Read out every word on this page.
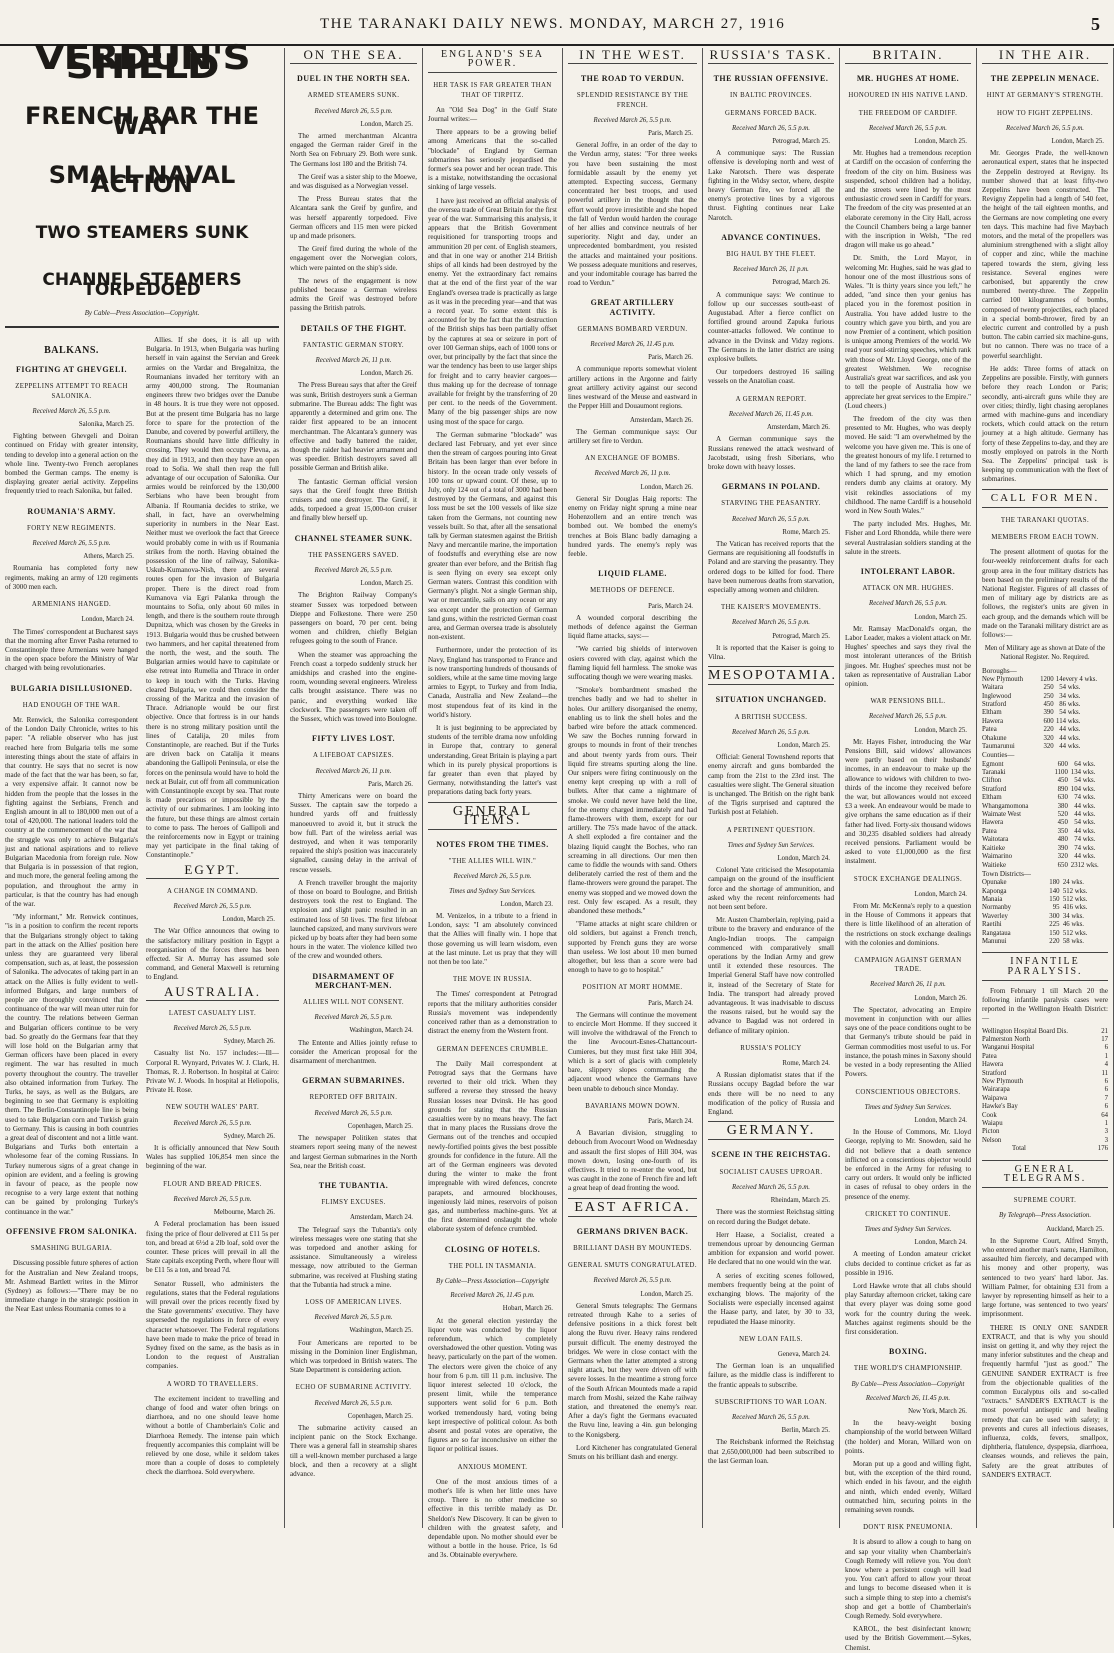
THE TARANAKI DAILY NEWS. MONDAY, MARCH 27, 1916	5
VERDUN'S SHIELD
FRENCH BAR THE WAY
SMALL NAVAL ACTION
TWO STEAMERS SUNK
CHANNEL STEAMERS TORPEDOED
By Cable—Press Association—Copyright.
BALKANS.
FIGHTING AT GHEVGELI.
ZEPPELINS ATTEMPT TO REACH SALONIKA.
Received March 26, 5.5 p.m.
Salonika, March 25.

Fighting between Ghevgeli and Doiran continued on Friday with greater intensity, tending to develop into a general action on the whole line. Twenty-two French aeroplanes bombed the German camps. The enemy is displaying greater aerial activity. Zeppelins frequently tried to reach Salonika, but failed.

ROUMANIA'S ARMY.
FORTY NEW REGIMENTS.
Received March 26, 5.5 p.m.
Athens, March 25.

Roumania has completed forty new regiments, making an army of 120 regiments of 3000 men each.

ARMENIANS HANGED.
London, March 24.

The Times' correspondent at Bucharest says that the morning after Enver Pasha returned to Constantinople three Armenians were hanged in the open space before the Ministry of War charged with being revolutionaries.

BULGARIA DISILLUSIONED.
HAD ENOUGH OF THE WAR.

Mr. Renwick, the Salonika correspondent of the London Daily Chronicle, writes to his paper: "A reliable observer who has just reached here from Bulgaria tells me some interesting things about the state of affairs in that country. He says that no secret is now made of the fact that the war has been, so far, a very expensive affair. It cannot now be hidden from the people that the losses in the fighting against the Serbians, French and English amount in all to 180,000 men out of a total of 420,000. The national leaders told the country at the commencement of the war that the struggle was only to achieve Bulgaria's just and national aspirations and to relieve Bulgarian Macedonia from foreign rule. Now that Bulgaria is in possession of that region, and much more, the general feeling among the population, and throughout the army in particular, is that the country has had enough of the war.

"My informant," Mr. Renwick continues, "is in a position to confirm the recent reports that the Bulgarians strongly object to taking part in the attack on the Allies' position here unless they are guaranteed very liberal compensation, such as, at least, the possession of Salonika. The advocates of taking part in an attack on the Allies is fully evident to well-informed Bulgars, and large numbers of people are thoroughly convinced that the continuance of the war will mean utter ruin for the country. The relations between German and Bulgarian officers continue to be very bad. So greatly do the Germans fear that they will lose hold on the Bulgarian army that German officers have been placed in every regiment. The war has resulted in much poverty throughout the country. The traveller also obtained information from Turkey. The Turks, he says, as well as the Bulgars, are beginning to see that Germany is exploiting them. The Berlin-Constantinople line is being used to take Bulgarian corn and Turkish grain to Germany. This is causing in both countries a great deal of discontent and not a little want. Bulgarians and Turks both entertain a wholesome fear of the coming Russians. In Turkey numerous signs of a great change in opinion are evident, and a feeling is growing in favour of peace, as the people now recognise to a very large extent that nothing can be gained by prolonging Turkey's continuance in the war."

OFFENSIVE FROM SALONIKA.
SMASHING BULGARIA.

Discussing possible future spheres of action for the Australian and New Zealand troops, Mr. Ashmead Bartlett writes in the Mirror (Sydney) as follows:—"There may be no immediate change in the strategic position in the Near East unless Roumania comes to a

Allies. If she does, it is all up with Bulgaria. In 1913, when Bulgaria was hurling herself in vain against the Servian and Greek armies on the Vardar and Bregalnitza, the Roumanians invaded her territory with an army 400,000 strong. The Roumanian engineers threw two bridges over the Danube in 48 hours. It is true they were not opposed. But at the present time Bulgaria has no large force to spare for the protection of the Danube, and covered by powerful artillery, the Roumanians should have little difficulty in crossing. They would then occupy Plevna, as they did in 1913, and then they have an open road to Sofia. We shall then reap the full advantage of our occupation of Salonika. Our armies would be reinforced by the 130,000 Serbians who have been brought from Albania. If Roumania decides to strike, we shall, in fact, have an overwhelming superiority in numbers in the Near East. Neither must we overlook the fact that Greece would probably come in with us if Roumania strikes from the north. Having obtained the possession of the line of railway, Salonika-Uskub-Kumanova-Nish, there are several routes open for the invasion of Bulgaria proper. There is the direct road from Kumanova via Egri Palanka through the mountains to Sofia, only about 60 miles in length, and there is the southern route through Dupnitza, which was chosen by the Greeks in 1913. Bulgaria would thus be crushed between two hammers, and her capital threatened from the north, the west, and the south. The Bulgarian armies would have to capitulate or else retreat into Rumelia and Thrace in order to keep in touch with the Turks. Having cleared Bulgaria, we could then consider the crossing of the Maritza and the invasion of Thrace. Adrianople would be our first objective. Once that fortress is in our hands there is no strong military position until the lines of Catalija, 20 miles from Constantinople, are reached. But if the Turks are driven back on Catalija it means abandoning the Gallipoli Peninsula, or else the forces on the peninsula would have to hold the neck at Bulair, cut off from all communication with Constantinople except by sea. That route is made precarious or impossible by the activity of our submarines. I am looking into the future, but these things are almost certain to come to pass. The heroes of Gallipoli and the reinforcements now in Egypt or training may yet participate in the final taking of Constantinople."

EGYPT.
A CHANGE IN COMMAND.
Received March 26, 5.5 p.m.
London, March 25.

The War Office announces that owing to the satisfactory military position in Egypt a reorganisation of the forces there has been effected. Sir A. Murray has assumed sole command, and General Maxwell is returning to England.

AUSTRALIA.
LATEST CASUALTY LIST.
Received March 26, 5.5 p.m.
Sydney, March 26.

Casualty list No. 157 includes:—Ill—Corporal R. Wynyard, Privates W. J. Clark, H. Thomas, R. J. Robertson. In hospital at Cairo: Private W. J. Woods. In hospital at Heliopolis, Private H. Rose.

NEW SOUTH WALES' PART.
Received March 26, 5.5 p.m.
Sydney, March 26.

It is officially announced that New South Wales has supplied 106,854 men since the beginning of the war.

FLOUR AND BREAD PRICES.
Received March 26, 5.5 p.m.
Melbourne, March 26.

A Federal proclamation has been issued fixing the price of flour delivered at £11 5s per ton, and bread at 6½d a 2lb loaf, sold over the counter. These prices will prevail in all the State capitals excepting Perth, where flour will be £11 5s a ton, and bread 7d.

Senator Russell, who administers the regulations, states that the Federal regulations will prevail over the prices recently fixed by the State governments' executive. They have superseded the regulations in force of every character whatsoever. The Federal regulations have been made to make the price of bread in Sydney fixed on the same, as the basis as in London to the request of Australian companies.

A WORD TO TRAVELLERS.

The excitement incident to travelling and change of food and water often brings on diarrhoea, and no one should leave home without a bottle of Chamberlain's Colic and Diarrhoea Remedy. The intense pain which frequently accompanies this complaint will be relieved by one dose, while it seldom takes more than a couple of doses to completely check the diarrhoea. Sold everywhere.

ON THE SEA.
DUEL IN THE NORTH SEA.
ARMED STEAMERS SUNK.
Received March 26, 5.5 p.m.
London, March 25.

The armed merchantman Alcantra engaged the German raider Greif in the North Sea on February 29. Both were sunk. The Germans lost 180 and the British 74.

The Greif was a sister ship to the Moewe, and was disguised as a Norwegian vessel.

The Press Bureau states that the Alcantara sank the Greif by gunfire, and was herself apparently torpedoed. Five German officers and 115 men were picked up and made prisoners.

The Greif fired during the whole of the engagement over the Norwegian colors, which were painted on the ship's side.

The news of the engagement is now published because a German wireless admits the Greif was destroyed before passing the British patrols.

DETAILS OF THE FIGHT.
FANTASTIC GERMAN STORY.
Received March 26, 11 p.m.
London, March 26.

The Press Bureau says that after the Greif was sunk, British destroyers sunk a German submarine. The Bureau adds: The fight was apparently a determined and grim one. The raider first appeared to be an innocent merchantman. The Alcantara's gunnery was effective and badly battered the raider, though the raider had heavier armament and was speedier. British destroyers saved all possible German and British alike.

The fantastic German official version says that the Greif fought three British cruisers and one destroyer. The Greif, it adds, torpedoed a great 15,000-ton cruiser and finally blew herself up.

CHANNEL STEAMER SUNK.
THE PASSENGERS SAVED.
Received March 26, 5.5 p.m.
London, March 25.

The Brighton Railway Company's steamer Sussex was torpedoed between Dieppe and Folkestone. There were 250 passengers on board, 70 per cent. being women and children, chiefly Belgian refugees going to the south of France.

When the steamer was approaching the French coast a torpedo suddenly struck her amidships and crashed into the engine-room, wounding several engineers. Wireless calls brought assistance. There was no panic, and everything worked like clockwork. The passengers were taken off the Sussex, which was towed into Boulogne.

FIFTY LIVES LOST.
A LIFEBOAT CAPSIZES.
Received March 26, 11 p.m.
Paris, March 26.

Thirty Americans were on board the Sussex. The captain saw the torpedo a hundred yards off and fruitlessly manoeuvred to avoid it, but it struck the bow full. Part of the wireless aerial was destroyed, and when it was temporarily repaired the ship's position was inaccurately signalled, causing delay in the arrival of rescue vessels.

A French traveller brought the majority of those on board to Boulogne, and British destroyers took the rest to England. The explosion and slight panic resulted in an estimated loss of 50 lives. The first lifeboat launched capsized, and many survivors were picked up by boats after they had been some hours in the water. The violence killed two of the crew and wounded others.

DISARMAMENT OF MERCHANT-MEN.
ALLIES WILL NOT CONSENT.
Received March 26, 5.5 p.m.
Washington, March 24.

The Entente and Allies jointly refuse to consider the American proposal for the disarmament of merchantmen.

GERMAN SUBMARINES.
REPORTED OFF BRITAIN.
Received March 26, 5.5 p.m.
Copenhagen, March 25.

The newspaper Politiken states that steamers report seeing many of the newest and largest German submarines in the North Sea, near the British coast.

THE TUBANTIA.
FLIMSY EXCUSES.
Amsterdam, March 24.

The Telegraaf says the Tubantia's only wireless messages were one stating that she was torpedoed and another asking for assistance. Simultaneously a wireless message, now attributed to the German submarine, was received at Flushing stating that the Tubantia had struck a mine.

LOSS OF AMERICAN LIVES.
Received March 26, 5.5 p.m.
Washington, March 25.

Four Americans are reported to be missing in the Dominion liner Englishman, which was torpedoed in British waters. The State Department is considering action.

ECHO OF SUBMARINE ACTIVITY.
Received March 26, 5.5 p.m.
Copenhagen, March 25.

The submarine activity caused an incipient panic on the Stock Exchange. There was a general fall in steamship shares till a well-known member purchased a large block, and then a recovery at a slight advance.

ENGLAND'S SEA POWER.
HER TASK IS FAR GREATER THAN THAT OF TIRPITZ.

An "Old Sea Dog" in the Gulf State Journal writes:—

There appears to be a growing belief among Americans that the so-called "blockade" of England by German submarines has seriously jeopardised the former's sea power and her ocean trade. This is a mistake, notwithstanding the occasional sinking of large vessels.

I have just received an official analysis of the oversea trade of Great Britain for the first year of the war. Summarising this analysis, it appears that the British Government requisitioned for transporting troops and ammunition 20 per cent. of English steamers, and that in one way or another 214 British ships of all kinds had been destroyed by the enemy. Yet the extraordinary fact remains that at the end of the first year of the war England's oversea trade is practically as large as it was in the preceding year—and that was a record year. To some extent this is accounted for by the fact that the destruction of the British ships has been partially offset by the captures at sea or seizure in port of over 100 German ships, each of 1000 tons or over, but principally by the fact that since the war the tendency has been to use larger ships for freight and to carry heavier cargoes—thus making up for the decrease of tonnage available for freight by the transferring of 20 per cent. to the needs of the Government. Many of the big passenger ships are now using most of the space for cargo.

The German submarine "blockade" was declared last February, and yet ever since then the stream of cargoes pouring into Great Britain has been larger than ever before in history. In the ocean trade only vessels of 100 tons or upward count. Of these, up to July, only 124 out of a total of 3000 had been destroyed by the Germans, and against this loss must be set the 100 vessels of like size taken from the Germans, not counting new vessels built. So that, after all the sensational talk by German statesmen against the British Navy and mercantile marine, the importation of foodstuffs and everything else are now greater than ever before, and the British flag is seen flying on every sea except only German waters. Contrast this condition with Germany's plight. Not a single German ship, war or mercantile, sails on any ocean or any sea except under the protection of German land guns, within the restricted German coast area, and German oversea trade is absolutely non-existent.

Furthermore, under the protection of its Navy, England has transported to France and is now transporting hundreds of thousands of soldiers, while at the same time moving large armies to Egypt, to Turkey and from India, Canada, Australia and New Zealand—the most stupendous feat of its kind in the world's history.

It is just beginning to be appreciated by students of the terrible drama now unfolding in Europe that, contrary to general understanding, Great Britain is playing a part which in its purely physical proportions is far greater than even that played by Germany, notwithstanding the latter's vast preparations dating back forty years.

GENERAL ITEMS.
NOTES FROM THE TIMES.
"THE ALLIES WILL WIN."
Received March 26, 5.5 p.m.
Times and Sydney Sun Services.
London, March 23.

M. Venizelos, in a tribute to a friend in London, says: "I am absolutely convinced that the Allies will finally win. I hope that those governing us will learn wisdom, even at the last minute. Let us pray that they will not then be too late."

THE MOVE IN RUSSIA.

The Times' correspondent at Petrograd reports that the military authorities consider Russia's movement was independently conceived rather than as a demonstration to distract the enemy from the Western front.

GERMAN DEFENCES CRUMBLE.

The Daily Mail correspondent at Petrograd says that the Germans have reverted to their old trick. When they suffered a reverse they stressed the heavy Russian losses near Dvinsk. He has good grounds for stating that the Russian casualties were by no means heavy. The fact that in many places the Russians drove the Germans out of the trenches and occupied newly-fortified points gives the best possible grounds for confidence in the future. All the art of the German engineers was devoted during the winter to make the front impregnable with wired defences, concrete parapets, and armoured blockhouses, ingeniously laid mines, reservoirs of poison gas, and numberless machine-guns. Yet at the first determined onslaught the whole elaborate system of defence crumbled.

CLOSING OF HOTELS.
THE POLL IN TASMANIA.
By Cable—Press Association—Copyright
Received March 26, 11.45 p.m.
Hobart, March 26.

At the general election yesterday the liquor vote was conducted by the liquor referendum, which completely overshadowed the other question. Voting was heavy, particularly on the part of the women. The electors were given the choice of any hour from 6 p.m. till 11 p.m. inclusive. The liquor interest selected 10 o'clock, the present limit, while the temperance supporters went solid for 6 p.m. Both worked tremendously hard, voting being kept irrespective of political colour. As both absent and postal votes are operative, the figures are so far inconclusive on either the liquor or political issues.

ANXIOUS MOMENT.

One of the most anxious times of a mother's life is when her little ones have croup. There is no other medicine so effective in this terrible malady as Dr. Sheldon's New Discovery. It can be given to children with the greatest safety, and dependable upon. No mother should ever be without a bottle in the house. Price, 1s 6d and 3s. Obtainable everywhere.

IN THE WEST.
THE ROAD TO VERDUN.
SPLENDID RESISTANCE BY THE FRENCH.
Received March 26, 5.5 p.m.
Paris, March 25.

General Joffre, in an order of the day to the Verdun army, states: "For three weeks you have been sustaining the most formidable assault by the enemy yet attempted. Expecting success, Germany concentrated her best troops, and used powerful artillery in the thought that the effort would prove irresistible and she hoped the fall of Verdun would harden the courage of her allies and convince neutrals of her superiority. Night and day, under an unprecedented bombardment, you resisted the attacks and maintained your positions. We possess adequate munitions and reserves, and your indomitable courage has barred the road to Verdun."

GREAT ARTILLERY ACTIVITY.
GERMANS BOMBARD VERDUN.
Received March 26, 11.45 p.m.
Paris, March 26.

A communique reports somewhat violent artillery actions in the Argonne and fairly great artillery activity against our second lines westward of the Meuse and eastward in the Pepper Hill and Douaumont regions.

Amsterdam, March 26.

The German communique says: Our artillery set fire to Verdun.

AN EXCHANGE OF BOMBS.
Received March 26, 11 p.m.
London, March 26.

General Sir Douglas Haig reports: The enemy on Friday night sprung a mine near Hohenzollern and an entire trench was bombed out. We bombed the enemy's trenches at Bois Blanc badly damaging a hundred yards. The enemy's reply was feeble.

LIQUID FLAME.
METHODS OF DEFENCE.
Paris, March 24.

A wounded corporal describing the methods of defence against the German liquid flame attacks, says:—

"We carried big shields of interwoven osiers covered with clay, against which the flaming liquid fell harmless. The smoke was suffocating though we were wearing masks.

"Smoke's bombardment smashed the trenches badly and we had to shelter in holes. Our artillery disorganised the enemy, enabling us to link the shell holes and the barbed wire before the attack commenced. We saw the Boches running forward in groups to mounds in front of their trenches and about twenty yards from ours. Their liquid fire streams spurting along the line. Our snipers were firing continuously on the enemy kept creeping up with a roll of bullets. After that came a nightmare of smoke. We could never have held the line, for the enemy charged immediately and had flame-throwers with them, except for our artillery. The 75's made havoc of the attack. A shell exploded a fire container and the blazing liquid caught the Boches, who ran screaming in all directions. Our men then came to fiddle the wounds with sand. Others deliberately carried the rest of them and the flame-throwers were ground the parapet. The enemy was stopped and we mowed down the rest. Only few escaped. As a result, they abandoned these methods."

"Flame attacks at night scare children or old soldiers, but against a French trench, supported by French guns they are worse than useless. We lost about 10 men burned altogether, but less than a score were bad enough to have to go to hospital."

POSITION AT MORT HOMME.
Paris, March 24.

The Germans will continue the movement to encircle Mort Homme. If they succeed it will involve the withdrawal of the French to the line Avocourt-Esnes-Chattancourt-Cumieres, but they must first take Hill 304, which is a sort of glacis with completely bare, slippery slopes commanding the adjacent wood whence the Germans have been unable to debouch since Monday.

BAVARIANS MOWN DOWN.
Paris, March 24.

A Bavarian division, struggling to debouch from Avocourt Wood on Wednesday and assault the first slopes of Hill 304, was mown down, losing one-fourth of its effectives. It tried to re-enter the wood, but was caught in the zone of French fire and left a great heap of dead fronting the wood.

EAST AFRICA.
GERMANS DRIVEN BACK.
BRILLIANT DASH BY MOUNTEDS.
GENERAL SMUTS CONGRATULATED.
Received March 26, 5.5 p.m.
London, March 25.

General Smuts telegraphs: The Germans retreated through Kahe to a series of defensive positions in a thick forest belt along the Ruvu river. Heavy rains rendered pursuit difficult. The enemy destroyed the bridges. We were in close contact with the Germans when the latter attempted a strong night attack, but they were driven off with severe losses. In the meantime a strong force of the South African Mounteds made a rapid march from Moshi, seized the Kahe railway station, and threatened the enemy's rear. After a day's fight the Germans evacuated the Ruvu line, leaving a 4in. gun belonging to the Konigsberg.

Lord Kitchener has congratulated General Smuts on his brilliant dash and energy.

RUSSIA'S TASK.
THE RUSSIAN OFFENSIVE.
IN BALTIC PROVINCES.
GERMANS FORCED BACK.
Received March 26, 5.5 p.m.
Petrograd, March 25.

A communique says: The Russian offensive is developing north and west of Lake Narotsch. There was desperate fighting in the Widsy sector, where, despite heavy German fire, we forced all the enemy's protective lines by a vigorous thrust. Fighting continues near Lake Narotch.

ADVANCE CONTINUES.
BIG HAUL BY THE FLEET.
Received March 26, 11 p.m.
Petrograd, March 26.

A communique says: We continue to follow up our successes south-east of Augustabad. After a fierce conflict on fortified ground around Zapuka furious counter-attacks followed. We continue to advance in the Dvinsk and Vidzy regions. The Germans in the latter district are using explosive bullets.

Our torpedoers destroyed 16 sailing vessels on the Anatolian coast.

A GERMAN REPORT.
Received March 26, 11.45 p.m.
Amsterdam, March 26.

A German communique says the Russians renewed the attack westward of Jacobstadt, using fresh Siberians, who broke down with heavy losses.

GERMANS IN POLAND.
STARVING THE PEASANTRY.
Received March 26, 5.5 p.m.
Rome, March 25.

The Vatican has received reports that the Germans are requisitioning all foodstuffs in Poland and are starving the peasantry. They ordered dogs to be killed for food. There have been numerous deaths from starvation, especially among women and children.

THE KAISER'S MOVEMENTS.
Received March 26, 5.5 p.m.
Petrograd, March 25.

It is reported that the Kaiser is going to Vilna.

MESOPOTAMIA.
SITUATION UNCHANGED.
A BRITISH SUCCESS.
Received March 26, 5.5 p.m.
London, March 25.

Official: General Townshend reports that enemy aircraft and guns bombarded the camp from the 21st to the 23rd inst. The casualties were slight. The General situation is unchanged. The British on the right bank of the Tigris surprised and captured the Turkish post at Felahieh.

A PERTINENT QUESTION.
Times and Sydney Sun Services.
London, March 24.

Colonel Yate criticised the Mesopotamia campaign on the ground of the insufficient force and the shortage of ammunition, and asked why the recent reinforcements had not been sent before.

Mr. Austen Chamberlain, replying, paid a tribute to the bravery and endurance of the Anglo-Indian troops. The campaign commenced with comparatively small operations by the Indian Army and grew until it extended these resources. The Imperial General Staff have now controlled it, instead of the Secretary of State for India. The transport had already proved advantageous. It was inadvisable to discuss the reasons raised, but he would say the advance to Bagdad was not ordered in defiance of military opinion.

RUSSIA'S POLICY
Rome, March 24.

A Russian diplomatist states that if the Russians occupy Bagdad before the war ends there will be no need to any modification of the policy of Russia and England.

GERMANY.
SCENE IN THE REICHSTAG.
SOCIALIST CAUSES UPROAR.
Received March 26, 5.5 p.m.
Rheindam, March 25.

There was the stormiest Reichstag sitting on record during the Budget debate.

Herr Haase, a Socialist, created a tremendous uproar by denouncing German ambition for expansion and world power. He declared that no one would win the war.

A series of exciting scenes followed, members frequently being at the point of exchanging blows. The majority of the Socialists were especially incensed against the Haase party, and later, by 30 to 33, repudiated the Haase minority.

NEW LOAN FAILS.
Geneva, March 24.

The German loan is an unqualified failure, as the middle class is indifferent to the frantic appeals to subscribe.

SUBSCRIPTIONS TO WAR LOAN.
Received March 26, 5.5 p.m.
Berlin, March 25.

The Reichsbank informed the Reichstag that 2,650,000,000 had been subscribed to the last German loan.

BRITAIN.
MR. HUGHES AT HOME.
HONOURED IN HIS NATIVE LAND.
THE FREEDOM OF CARDIFF.
Received March 26, 5.5 p.m.
London, March 25.

Mr. Hughes had a tremendous reception at Cardiff on the occasion of conferring the freedom of the city on him. Business was suspended, school children had a holiday, and the streets were lined by the most enthusiastic crowd seen in Cardiff for years. The freedom of the city was presented at an elaborate ceremony in the City Hall, across the Council Chambers being a large banner with the inscription in Welsh, "The red dragon will make us go ahead."

Dr. Smith, the Lord Mayor, in welcoming Mr. Hughes, said he was glad to honour one of the most illustrious sons of Wales. "It is thirty years since you left," he added, "and since then your genius has placed you in the foremost position in Australia. You have added lustre to the country which gave you birth, and you are now Premier of a continent, which position is unique among Premiers of the world. We read your soul-stirring speeches, which rank with those of Mr. Lloyd George, one of the greatest Welshmen. We recognise Australia's great war sacrifices, and ask you to tell the people of Australia how we appreciate her great services to the Empire." (Loud cheers.)

The freedom of the city was then presented to Mr. Hughes, who was deeply moved. He said: "I am overwhelmed by the welcome you have given me. This is one of the greatest honours of my life. I returned to the land of my fathers to see the race from which I had sprung, and my emotion renders dumb any claims at oratory. My visit rekindles associations of my childhood. The name Cardiff is a household word in New South Wales."

The party included Mrs. Hughes, Mr. Fisher and Lord Rhondda, while there were several Australasian soldiers standing at the salute in the streets.

INTOLERANT LABOR.
ATTACK ON MR. HUGHES.
Received March 26, 5.5 p.m.
London, March 25.

Mr. Ramsay MacDonald's organ, the Labor Leader, makes a violent attack on Mr. Hughes' speeches and says they rival the most intolerant utterances of the British jingoes. Mr. Hughes' speeches must not be taken as representative of Australian Labor opinion.

WAR PENSIONS BILL.
Received March 26, 5.5 p.m.
London, March 25.

Mr. Hayes Fisher, introducing the War Pensions Bill, said widows' allowances were partly based on their husbands' incomes, in an endeavour to make up the allowance to widows with children to two-thirds of the income they received before the war, but allowances would not exceed £3 a week. An endeavour would be made to give orphans the same education as if their father had lived. Forty-six thousand widows and 30,235 disabled soldiers had already received pensions. Parliament would be asked to vote £1,000,000 as the first instalment.

STOCK EXCHANGE DEALINGS.
London, March 24.

From Mr. McKenna's reply to a question in the House of Commons it appears that there is little likelihood of an alteration of the restrictions on stock exchange dealings with the colonies and dominions.

CAMPAIGN AGAINST GERMAN TRADE.
Received March 26, 11 p.m.
London, March 26.

The Spectator, advocating an Empire movement in conjunction with our allies says one of the peace conditions ought to be that Germany's tribute should be paid in German commodities most useful to us. For instance, the potash mines in Saxony should be vested in a body representing the Allied Powers.

CONSCIENTIOUS OBJECTORS.
Times and Sydney Sun Services.
London, March 24.

In the House of Commons, Mr. Lloyd George, replying to Mr. Snowden, said he did not believe that a death sentence inflicted on a conscientious objector would be enforced in the Army for refusing to carry out orders. It would only be inflicted in cases of refusal to obey orders in the presence of the enemy.

CRICKET TO CONTINUE.
Times and Sydney Sun Services.
London, March 24.

A meeting of London amateur cricket clubs decided to continue cricket as far as possible in 1916.

Lord Hawke wrote that all clubs should play Saturday afternoon cricket, taking care that every player was doing some good work for the country during the week. Matches against regiments should be the first consideration.

BOXING.
THE WORLD'S CHAMPIONSHIP.
By Cable—Press Association—Copyright
Received March 26, 11.45 p.m.
New York, March 26.

In the heavy-weight boxing championship of the world between Willard (the holder) and Moran, Willard won on points.

Moran put up a good and willing fight, but, with the exception of the third round, which ended in his favour, and the eighth and ninth, which ended evenly, Willard outmatched him, securing points in the remaining seven rounds.

DON'T RISK PNEUMONIA.

It is absurd to allow a cough to hang on and sap your vitality when Chamberlain's Cough Remedy will relieve you. You don't know where a persistent cough will lead you. You can't afford to allow your throat and lungs to become diseased when it is such a simple thing to step into a chemist's shop and get a bottle of Chamberlain's Cough Remedy. Sold everywhere.

KAROL, the best disinfectant known; used by the British Government.—Sykes, Chemist.

IN THE AIR.
THE ZEPPELIN MENACE.
HINT AT GERMANY'S STRENGTH.
HOW TO FIGHT ZEPPELINS.
Received March 26, 5.5 p.m.
London, March 25.

Mr. Georges Prade, the well-known aeronautical expert, states that he inspected the Zeppelin destroyed at Revigny. Its number showed that at least fifty-two Zeppelins have been constructed. The Revigny Zeppelin had a length of 540 feet, the height of the tail eighteen months, and the Germans are now completing one every ten days. This machine had five Maybach motors, and the metal of the propellers was aluminium strengthened with a slight alloy of copper and zinc, while the machine tapered towards the stern, giving less resistance. Several engines were carbonised, but apparently the crew numbered twenty-three. The Zeppelin carried 100 kilogrammes of bombs, composed of twenty projectiles, each placed in a special bomb-thrower, fired by an electric current and controlled by a push button. The cabin carried six machine-guns, but no cannon. There was no trace of a powerful searchlight.

He adds: Three forms of attack on Zeppelins are possible. Firstly, with gunners before they reach London or Paris; secondly, anti-aircraft guns while they are over cities; thirdly, light chasing aeroplanes armed with machine-guns and incendiary rockets, which could attack on the return journey at a high altitude. Germany has forty of these Zeppelins to-day, and they are mostly employed on patrols in the North Sea. The Zeppelins' principal task is keeping up communication with the fleet of submarines.

CALL FOR MEN.
THE TARANAKI QUOTAS.
MEMBERS FROM EACH TOWN.

The present allotment of quotas for the four-weekly reinforcement drafts for each group area in the four military districts has been based on the preliminary results of the National Register. Figures of all classes of men of military age by districts are as follows, the register's units are given in each group, and the demands which will be made on the Taranaki military district are as follows:—

Men of Military age as shown at Date of the National Register. No. Required.
Boroughs—
New Plymouth	1200	14	every 4 wks.
Waitara	250	5	4 wks.
Inglewood	250	3	4 wks.
Stratford	450	8	6 wks.
Eltham	390	5	4 wks.
Hawera	600	11	4 wks.
Patea	220	4	4 wks.
Ohakune	320	4	4 wks.
Taumarunui	320	4	4 wks.
Counties—
Egmont	600	6	4 wks.
Taranaki	1100	13	4 wks.
Clifton	450	5	4 wks.
Stratford	890	10	4 wks.
Eltham	630	7	4 wks.
Whangamomona	380	4	4 wks.
Waimate West	520	4	4 wks.
Hawera	450	5	4 wks.
Patea	350	4	4 wks.
Waitotara	480	7	4 wks.
Kaitieke	390	7	4 wks.
Waimarino	320	4	4 wks.
Waitieke	650	23	12 wks.
Town Districts—
Opunake	180	2	4 wks.
Kaponga	140	5	12 wks.
Manaia	150	5	12 wks.
Normanby	95	4	16 wks.
Waverley	300	3	4 wks.
Raetihi	225	4	6 wks.
Rangataua	150	5	12 wks.
Manunui	220	5	8 wks.
INFANTILE PARALYSIS.

From February 1 till March 20 the following infantile paralysis cases were reported in the Wellington Health District:—

Wellington Hospital Board Dis.	21
Palmerston North	17
Wanganui Hospital	6
Patea	1
Hawera	4
Stratford	11
New Plymouth	6
Wairarapa	6
Waipawa	7
Hawke's Bay	6
Cook	64
Waiapu	1
Picton	3
Nelson	3
Total	176
GENERAL TELEGRAMS.
SUPREME COURT.
By Telegraph—Press Association.
Auckland, March 25.

In the Supreme Court, Alfred Smyth, who entered another man's name, Hamilton, assaulted him fiercely, and decamped with his money and other property, was sentenced to two years' hard labor. Jas. William Palmer, for obtaining £31 from a lawyer by representing himself as heir to a large fortune, was sentenced to two years' imprisonment.

THERE IS ONLY ONE SANDER EXTRACT, and that is why you should insist on getting it, and why they reject the many inferior substitutes and the cheap and frequently harmful "just as good." The GENUINE SANDER EXTRACT is free from the objectionable qualities of the common Eucalyptus oils and so-called "extracts." SANDER'S EXTRACT is the most powerful antiseptic and healing remedy that can be used with safety; it prevents and cures all infectious diseases, influenza, colds, fevers, smallpox, diphtheria, flatulence, dyspepsia, diarrhoea, cleanses wounds, and relieves the pain, Safety are the great attributes of SANDER'S EXTRACT.
